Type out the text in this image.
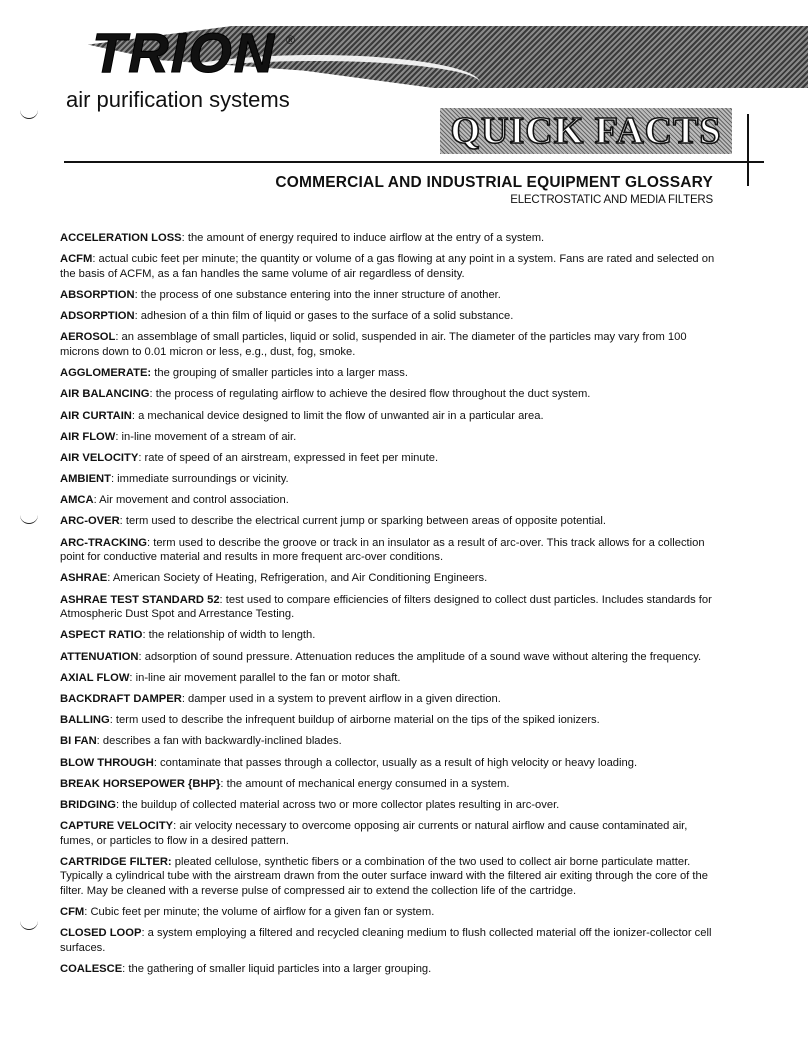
TRION ®
air purification systems
QUICK FACTS
COMMERCIAL AND INDUSTRIAL EQUIPMENT GLOSSARY
ELECTROSTATIC AND MEDIA FILTERS

ACCELERATION LOSS: the amount of energy required to induce airflow at the entry of a system.

ACFM: actual cubic feet per minute; the quantity or volume of a gas flowing at any point in a system. Fans are rated and selected on the basis of ACFM, as a fan handles the same volume of air regardless of density.

ABSORPTION: the process of one substance entering into the inner structure of another.

ADSORPTION: adhesion of a thin film of liquid or gases to the surface of a solid substance.

AEROSOL: an assemblage of small particles, liquid or solid, suspended in air. The diameter of the particles may vary from 100 microns down to 0.01 micron or less, e.g., dust, fog, smoke.

AGGLOMERATE: the grouping of smaller particles into a larger mass.

AIR BALANCING: the process of regulating airflow to achieve the desired flow throughout the duct system.

AIR CURTAIN: a mechanical device designed to limit the flow of unwanted air in a particular area.

AIR FLOW: in-line movement of a stream of air.

AIR VELOCITY: rate of speed of an airstream, expressed in feet per minute.

AMBIENT: immediate surroundings or vicinity.

AMCA: Air movement and control association.

ARC-OVER: term used to describe the electrical current jump or sparking between areas of opposite potential.

ARC-TRACKING: term used to describe the groove or track in an insulator as a result of arc-over. This track allows for a collection point for conductive material and results in more frequent arc-over conditions.

ASHRAE: American Society of Heating, Refrigeration, and Air Conditioning Engineers.

ASHRAE TEST STANDARD 52: test used to compare efficiencies of filters designed to collect dust particles. Includes standards for Atmospheric Dust Spot and Arrestance Testing.

ASPECT RATIO: the relationship of width to length.

ATTENUATION: adsorption of sound pressure. Attenuation reduces the amplitude of a sound wave without altering the frequency.

AXIAL FLOW: in-line air movement parallel to the fan or motor shaft.

BACKDRAFT DAMPER: damper used in a system to prevent airflow in a given direction.

BALLING: term used to describe the infrequent buildup of airborne material on the tips of the spiked ionizers.

BI FAN: describes a fan with backwardly-inclined blades.

BLOW THROUGH: contaminate that passes through a collector, usually as a result of high velocity or heavy loading.

BREAK HORSEPOWER {BHP}: the amount of mechanical energy consumed in a system.

BRIDGING: the buildup of collected material across two or more collector plates resulting in arc-over.

CAPTURE VELOCITY: air velocity necessary to overcome opposing air currents or natural airflow and cause contaminated air, fumes, or particles to flow in a desired pattern.

CARTRIDGE FILTER: pleated cellulose, synthetic fibers or a combination of the two used to collect air borne particulate matter. Typically a cylindrical tube with the airstream drawn from the outer surface inward with the filtered air exiting through the core of the filter. May be cleaned with a reverse pulse of compressed air to extend the collection life of the cartridge.

CFM: Cubic feet per minute; the volume of airflow for a given fan or system.

CLOSED LOOP: a system employing a filtered and recycled cleaning medium to flush collected material off the ionizer-collector cell surfaces.

COALESCE: the gathering of smaller liquid particles into a larger grouping.
